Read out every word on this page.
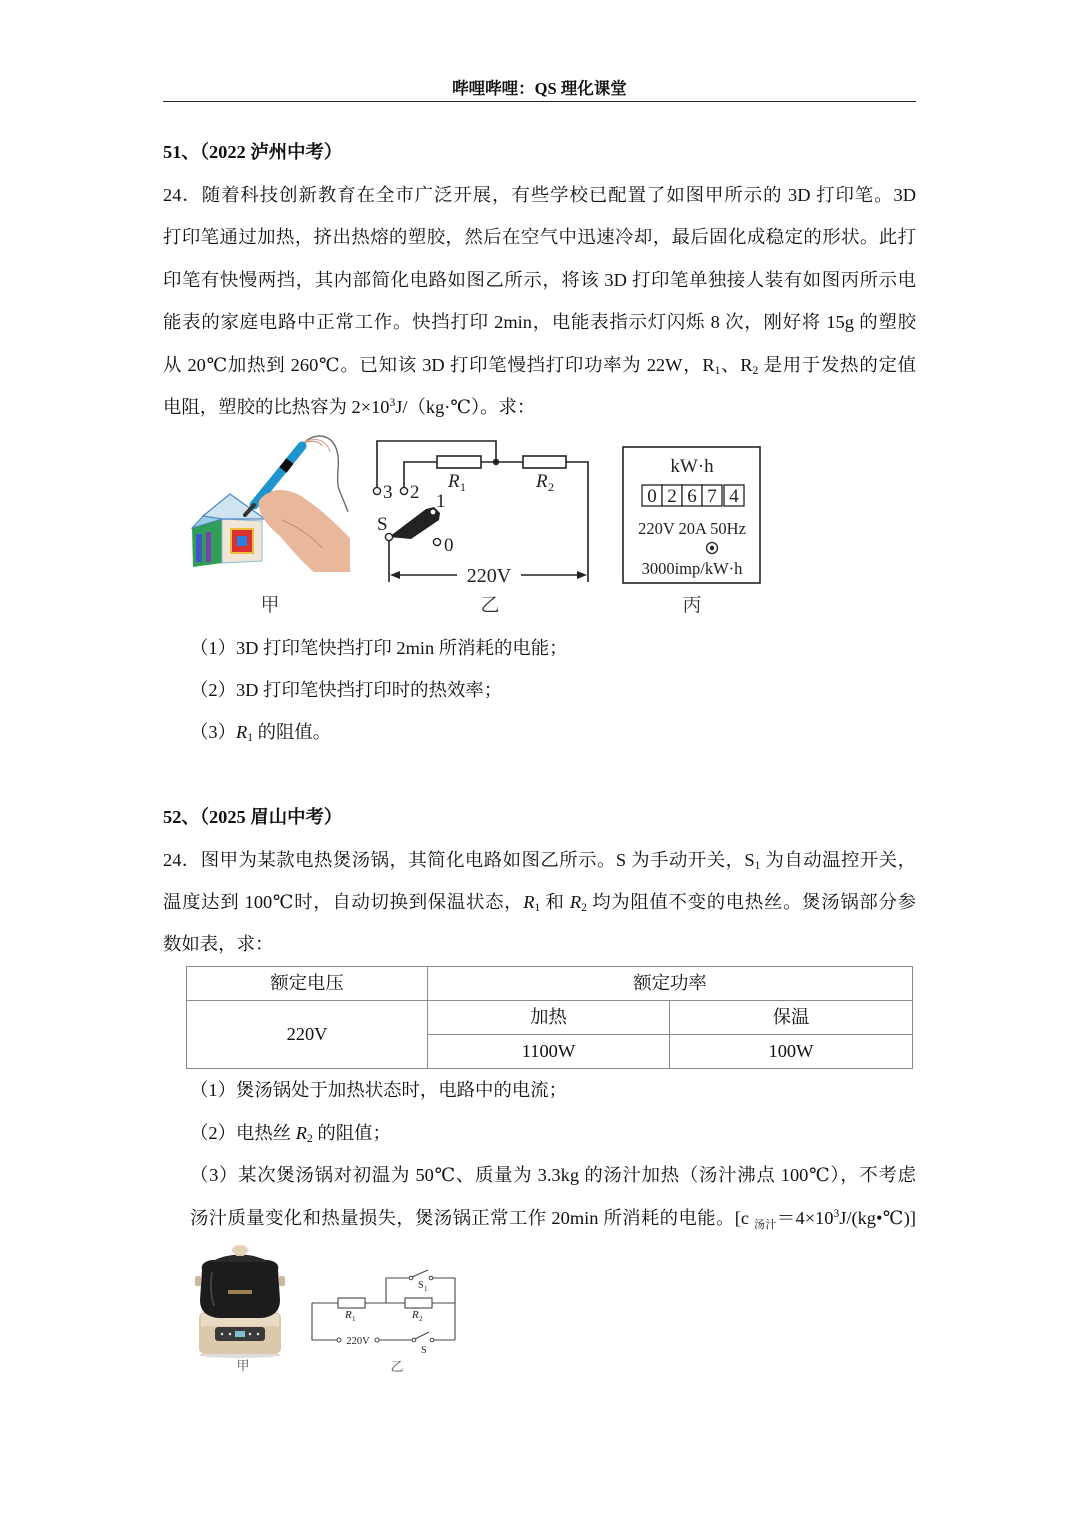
哔哩哔哩：QS 理化课堂
51、（2022 泸州中考）
24．随着科技创新教育在全市广泛开展，有些学校已配置了如图甲所示的 3D 打印笔。3D
打印笔通过加热，挤出热熔的塑胶，然后在空气中迅速冷却，最后固化成稳定的形状。此打
印笔有快慢两挡，其内部简化电路如图乙所示，将该 3D 打印笔单独接人装有如图丙所示电
能表的家庭电路中正常工作。快挡打印 2min，电能表指示灯闪烁 8 次，刚好将 15g 的塑胶
从 20℃加热到 260℃。已知该 3D 打印笔慢挡打印功率为 22W，$R_1$、$R_2$ 是用于发热的定值
电阻，塑胶的比热容为 $2\times 10^3J/(kg\cdot℃)$。求：
3 2
S
1
0
R 1	R 2
220V
kW·h
0 2 6 7 4
220V 20A 50Hz
3000imp/kW·h
甲	乙	丙
（1）3D 打印笔快挡打印 2min 所消耗的电能；
（2）3D 打印笔快挡打印时的热效率；
$(3)R_1$ 的阻值。
52、（2025 眉山中考）
24．图甲为某款电热煲汤锅，其简化电路如图乙所示。S 为手动开关，$S_1$ 为自动温控开关，
温度达到 100℃时，自动切换到保温状态，$R_1$ 和 $R_2$ 均为阻值不变的电热丝。煲汤锅部分参
数如表，求：
额定电压	额定功率	
220V	加热	保温
	1100W	100W
（1）煲汤锅处于加热状态时，电路中的电流；
（2）电热丝 $R_2$ 的阻值；
（3）某次煲汤锅对初温为 50℃、质量为 3.3kg 的汤汁加热（汤汁沸点 100℃），不考虑
汤汁质量变化和热量损失，煲汤锅正常工作 20min 所消耗的电能。[c $_{汤汁}=4\times 10^3J/(kg•℃)$]
S 1
R 1	R 2
220V
S
甲	乙
